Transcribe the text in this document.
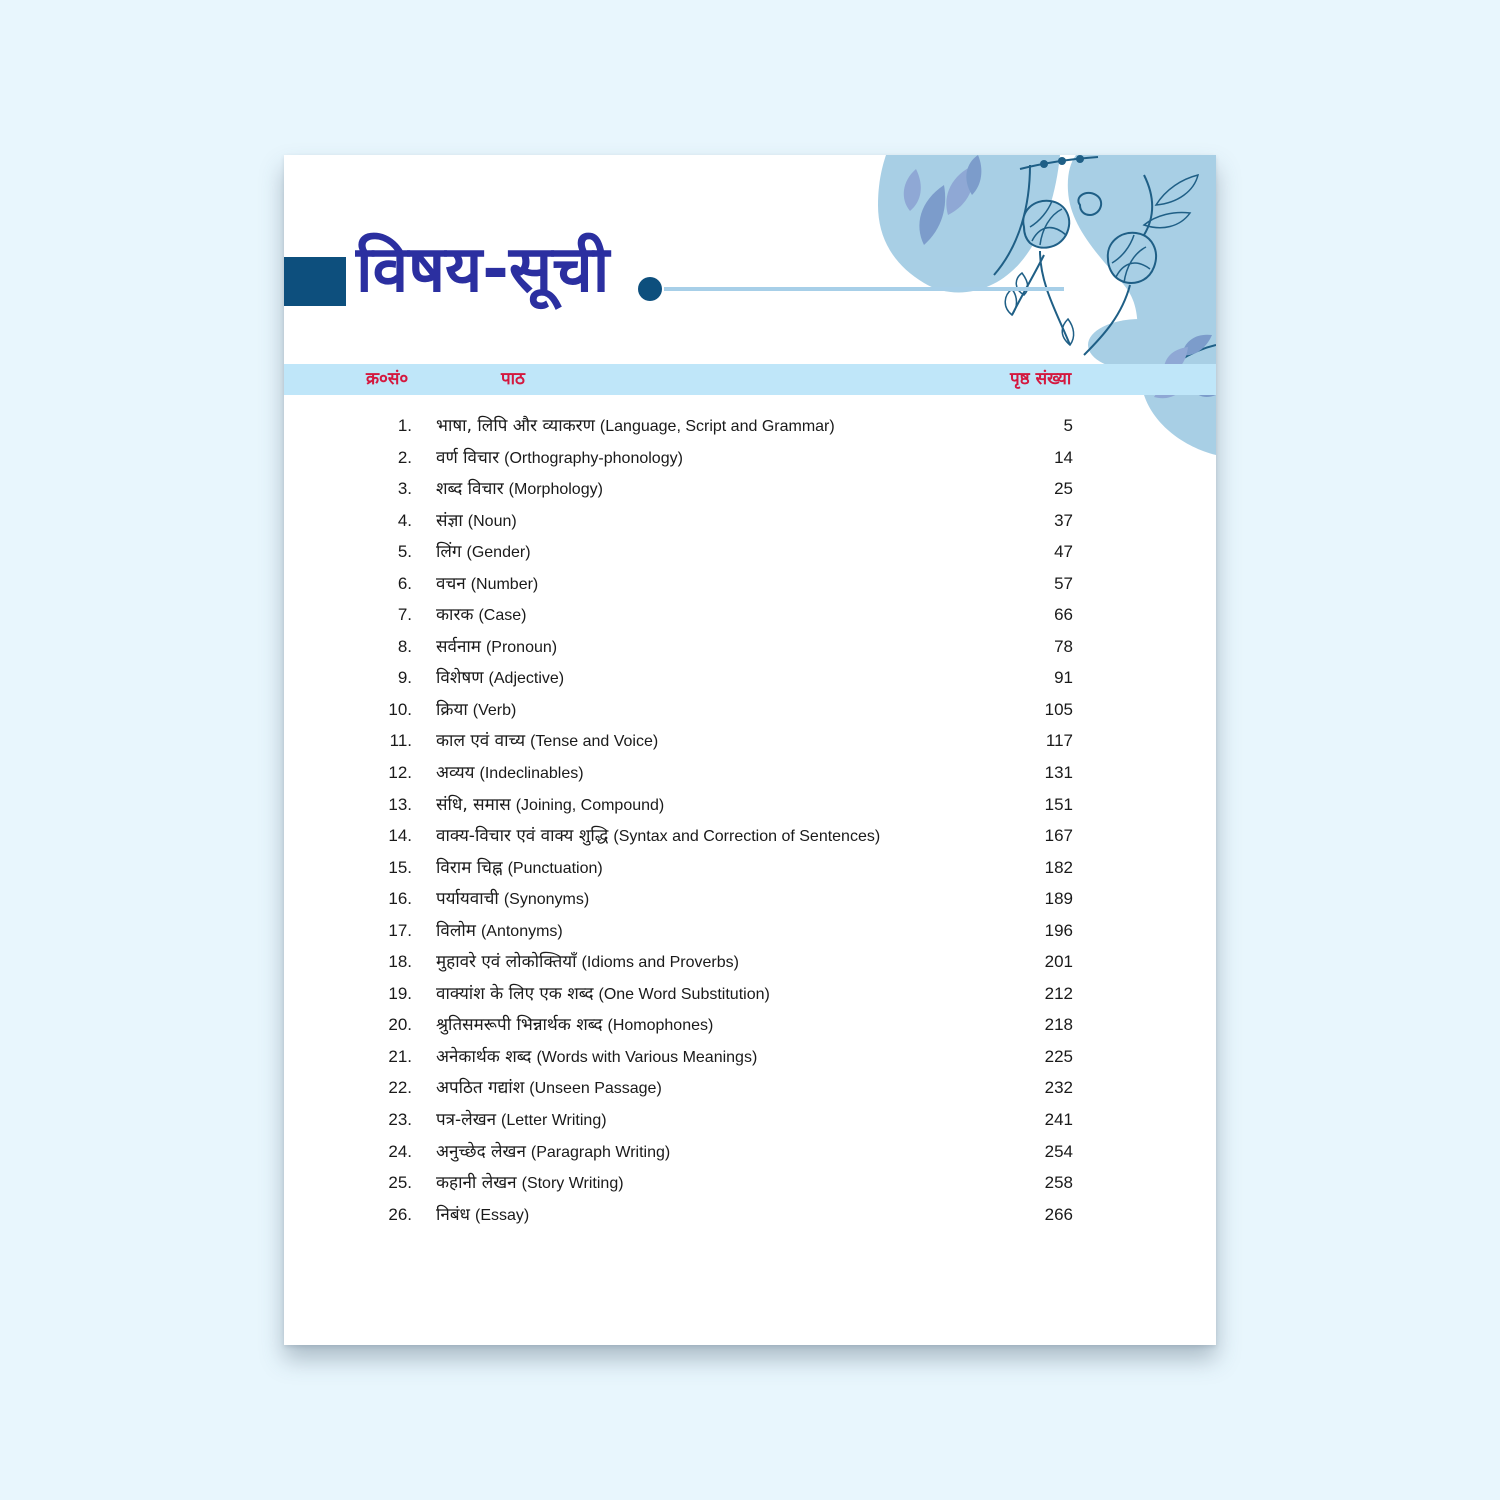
विषय-सूची
क्र०सं०	पाठ	पृष्ठ संख्या
1. भाषा, लिपि और व्याकरण (Language, Script and Grammar)	5
2. वर्ण विचार (Orthography-phonology)	14
3. शब्द विचार (Morphology)	25
4. संज्ञा (Noun)	37
5. लिंग (Gender)	47
6. वचन (Number)	57
7. कारक (Case)	66
8. सर्वनाम (Pronoun)	78
9. विशेषण (Adjective)	91
10. क्रिया (Verb)	105
11. काल एवं वाच्य (Tense and Voice)	117
12. अव्यय (Indeclinables)	131
13. संधि, समास (Joining, Compound)	151
14. वाक्य-विचार एवं वाक्य शुद्धि (Syntax and Correction of Sentences)	167
15. विराम चिह्न (Punctuation)	182
16. पर्यायवाची (Synonyms)	189
17. विलोम (Antonyms)	196
18. मुहावरे एवं लोकोक्तियाँ (Idioms and Proverbs)	201
19. वाक्यांश के लिए एक शब्द (One Word Substitution)	212
20. श्रुतिसमरूपी भिन्नार्थक शब्द (Homophones)	218
21. अनेकार्थक शब्द (Words with Various Meanings)	225
22. अपठित गद्यांश (Unseen Passage)	232
23. पत्र-लेखन (Letter Writing)	241
24. अनुच्छेद लेखन (Paragraph Writing)	254
25. कहानी लेखन (Story Writing)	258
26. निबंध (Essay)	266
